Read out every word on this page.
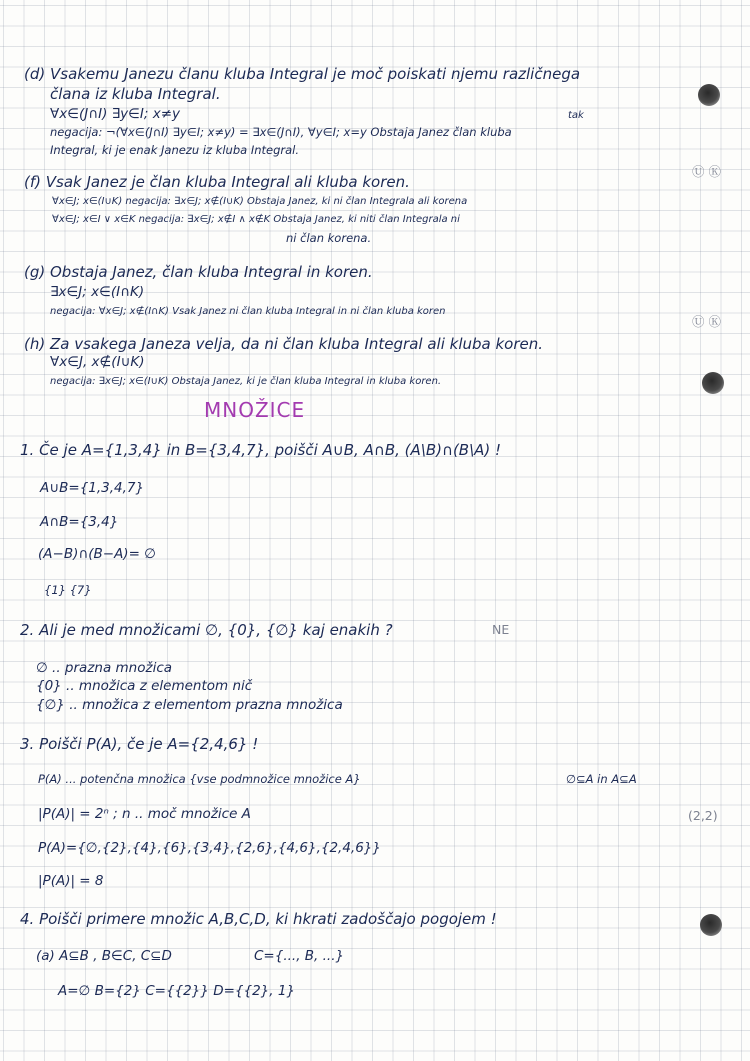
(d) Vsakemu Janezu članu kluba Integral je moč poiskati njemu različnega
člana iz kluba Integral.
∀x∈(J∩I) ∃y∈I; x≠y	tak
negacija: ¬(∀x∈(J∩I) ∃y∈I; x≠y) = ∃x∈(J∩I), ∀y∈I; x=y Obstaja Janez član kluba
Integral, ki je enak Janezu iz kluba Integral.
(f) Vsak Janez je član kluba Integral ali kluba koren.
∀x∈J; x∈(I∪K) negacija: ∃x∈J; x∉(I∪K) Obstaja Janez, ki ni član Integrala ali korena
∀x∈J; x∈I ∨ x∈K negacija: ∃x∈J; x∉I ∧ x∉K Obstaja Janez, ki niti član Integrala ni
ni član korena.
(g) Obstaja Janez, član kluba Integral in koren.
∃x∈J; x∈(I∩K)
negacija: ∀x∈J; x∉(I∩K) Vsak Janez ni član kluba Integral in ni član kluba koren
(h) Za vsakega Janeza velja, da ni član kluba Integral ali kluba koren.
∀x∈J, x∉(I∪K)
negacija: ∃x∈J; x∈(I∪K) Obstaja Janez, ki je član kluba Integral in kluba koren.
MNOŽICE
1. Če je A={1,3,4} in B={3,4,7}, poišči A∪B, A∩B, (A\B)∩(B\A) !
A∪B={1,3,4,7}
A∩B={3,4}
(A−B)∩(B−A)= ∅
{1} {7}
2. Ali je med množicami ∅, {0}, {∅} kaj enakih ?	NE
∅ .. prazna množica
{0} .. množica z elementom nič
{∅} .. množica z elementom prazna množica
3. Poišči P(A), če je A={2,4,6} !
P(A) ... potenčna množica {vse podmnožice množice A}	∅⊆A in A⊆A
|P(A)| = 2ⁿ ; n .. moč množice A
P(A)={∅,{2},{4},{6},{3,4},{2,6},{4,6},{2,4,6}}
|P(A)| = 8
4. Poišči primere množic A,B,C,D, ki hkrati zadoščajo pogojem !
(a) A⊆B , B∈C, C⊆D	C={..., B, ...}
A=∅ B={2} C={{2}} D={{2}, 1}
Ⓤ Ⓚ
Ⓤ Ⓚ
(2,2)
